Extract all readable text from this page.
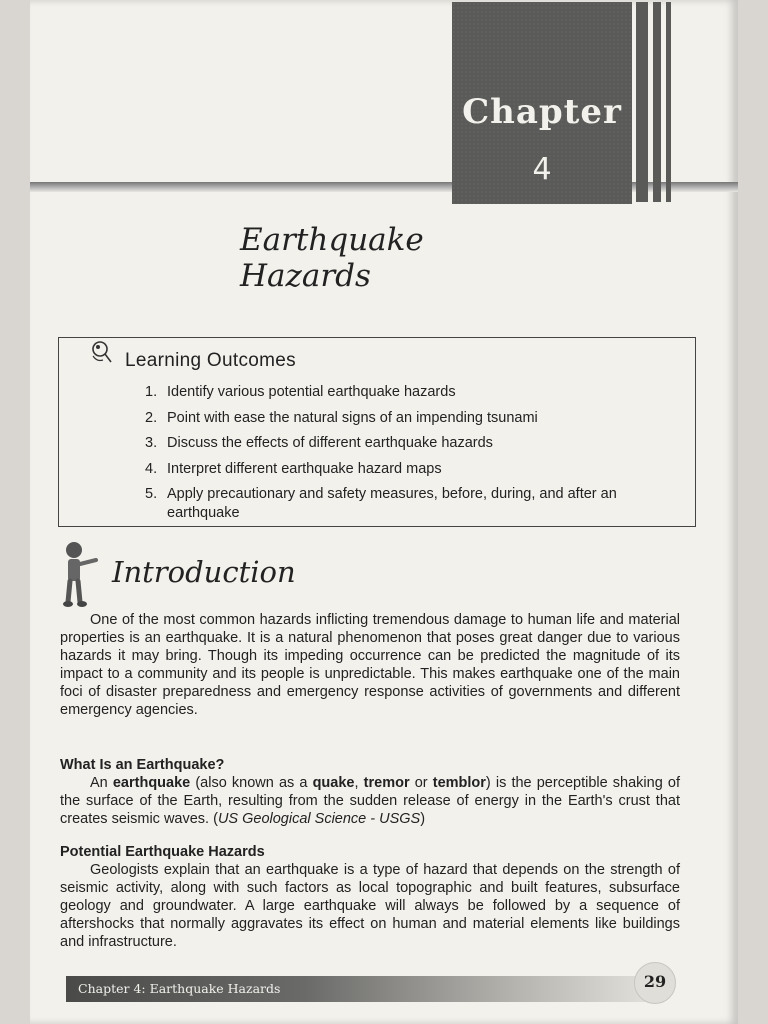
Chapter
4
Earthquake Hazards
Learning Outcomes
1. Identify various potential earthquake hazards
2. Point with ease the natural signs of an impending tsunami
3. Discuss the effects of different earthquake hazards
4. Interpret different earthquake hazard maps
5. Apply precautionary and safety measures, before, during, and after an earthquake
Introduction
One of the most common hazards inflicting tremendous damage to human life and material properties is an earthquake. It is a natural phenomenon that poses great danger due to various hazards it may bring. Though its impeding occurrence can be predicted the magnitude of its impact to a community and its people is unpredictable. This makes earthquake one of the main foci of disaster preparedness and emergency response activities of governments and different emergency agencies.
What Is an Earthquake?
An earthquake (also known as a quake, tremor or temblor) is the perceptible shaking of the surface of the Earth, resulting from the sudden release of energy in the Earth's crust that creates seismic waves. (US Geological Science - USGS)
Potential Earthquake Hazards
Geologists explain that an earthquake is a type of hazard that depends on the strength of seismic activity, along with such factors as local topographic and built features, subsurface geology and groundwater. A large earthquake will always be followed by a sequence of aftershocks that normally aggravates its effect on human and material elements like buildings and infrastructure.
Chapter 4: Earthquake Hazards	29
